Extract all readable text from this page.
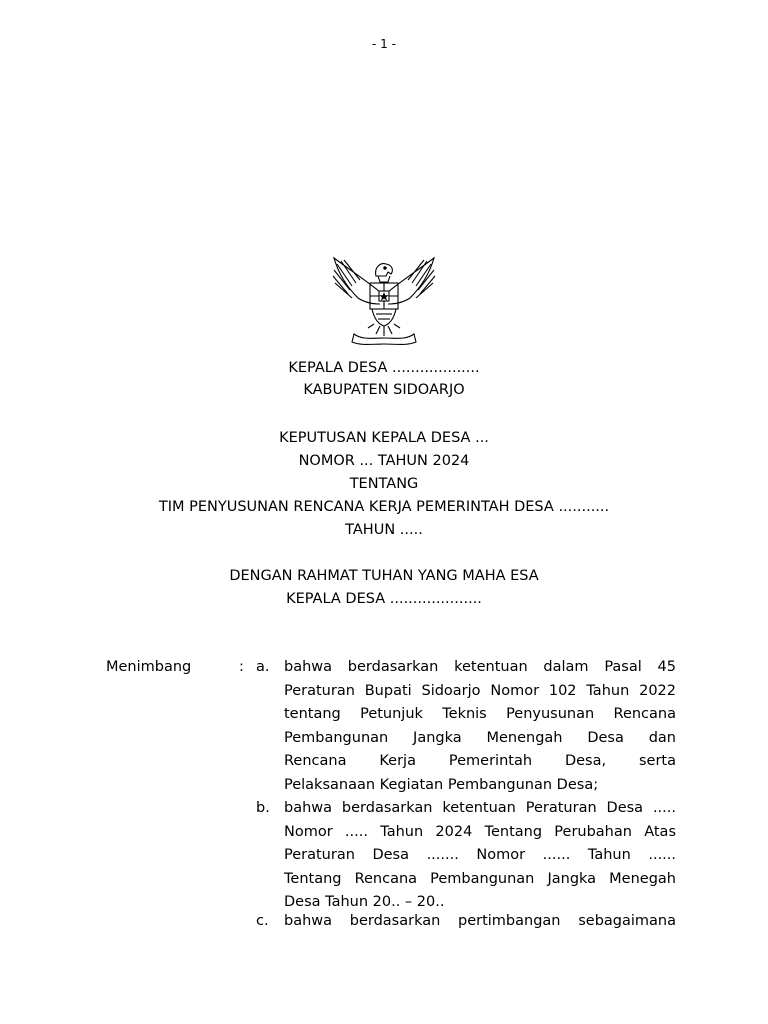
- 1 -
KEPALA DESA ...................
KABUPATEN SIDOARJO
KEPUTUSAN KEPALA DESA ...
NOMOR ... TAHUN 2024
TENTANG
TIM PENYUSUNAN RENCANA KERJA PEMERINTAH DESA ...........
TAHUN .....
DENGAN RAHMAT TUHAN YANG MAHA ESA
KEPALA DESA ....................
Menimbang	: a.	bahwa berdasarkan ketentuan dalam Pasal 45
Peraturan Bupati Sidoarjo Nomor 102 Tahun 2022
tentang Petunjuk Teknis Penyusunan Rencana
Pembangunan Jangka Menengah Desa dan
Rencana Kerja Pemerintah Desa, serta
Pelaksanaan Kegiatan Pembangunan Desa;
b. bahwa berdasarkan ketentuan Peraturan Desa .....
Nomor ..... Tahun 2024 Tentang Perubahan Atas
Peraturan Desa ....... Nomor ...... Tahun ......
Tentang Rencana Pembangunan Jangka Menegah
Desa Tahun 20.. – 20..
c.	bahwa berdasarkan pertimbangan sebagaimana
